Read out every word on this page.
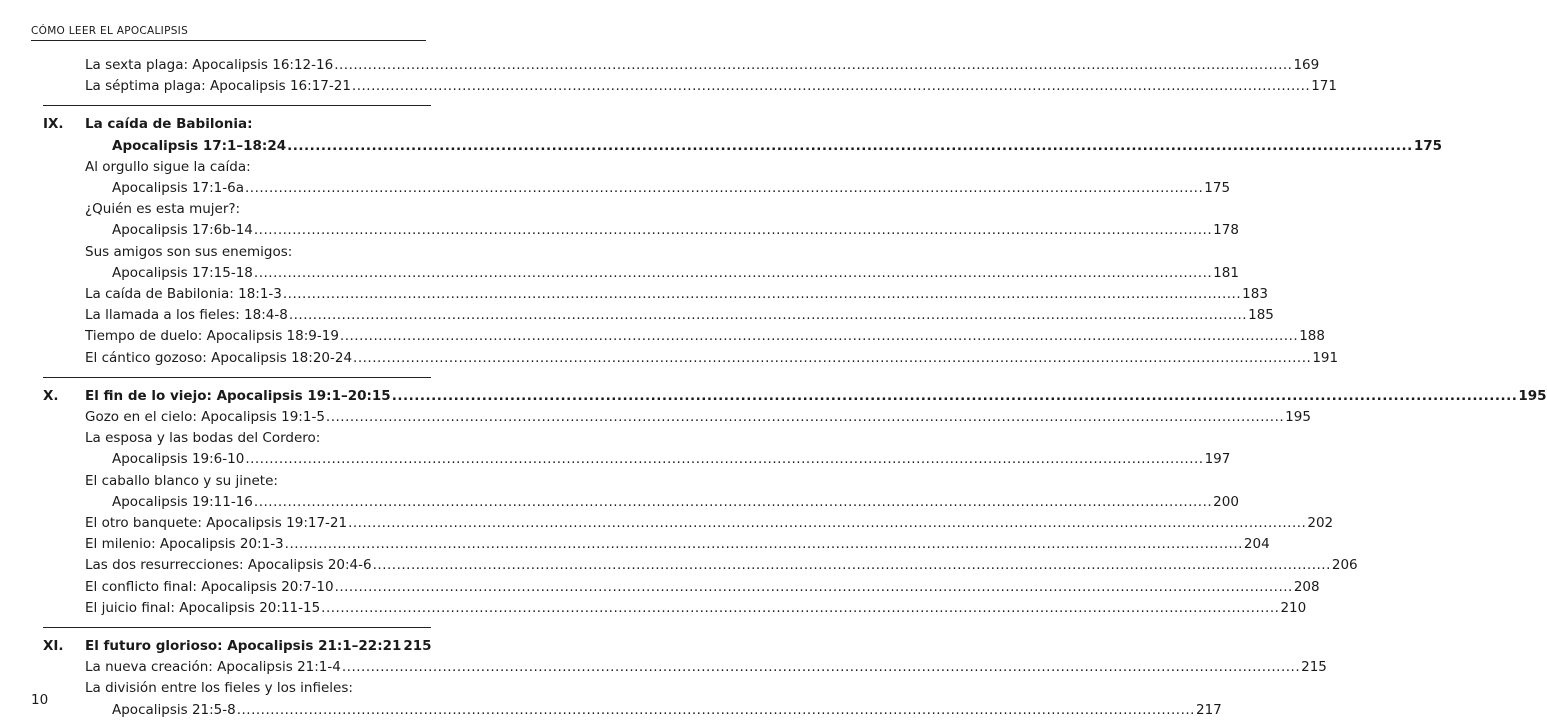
CÓMO LEER EL APOCALIPSIS
La sexta plaga: Apocalipsis 16:12-16 ........................................................................................................................................................................................................ 169
La séptima plaga: Apocalipsis 16:17-21 ........................................................................................................................................................................................................ 171
IX. La caída de Babilonia:
Apocalipsis 17:1–18:24 ........................................................................................................................................................................................................ 175
Al orgullo sigue la caída:
Apocalipsis 17:1-6a ........................................................................................................................................................................................................ 175
¿Quién es esta mujer?:
Apocalipsis 17:6b-14 ........................................................................................................................................................................................................ 178
Sus amigos son sus enemigos:
Apocalipsis 17:15-18 ........................................................................................................................................................................................................ 181
La caída de Babilonia: 18:1-3 ........................................................................................................................................................................................................ 183
La llamada a los fieles: 18:4-8 ........................................................................................................................................................................................................ 185
Tiempo de duelo: Apocalipsis 18:9-19 ........................................................................................................................................................................................................ 188
El cántico gozoso: Apocalipsis 18:20-24 ........................................................................................................................................................................................................ 191
X. El fin de lo viejo: Apocalipsis 19:1–20:15 ........................................................................................................................................................................................................ 195
Gozo en el cielo: Apocalipsis 19:1-5 ........................................................................................................................................................................................................ 195
La esposa y las bodas del Cordero:
Apocalipsis 19:6-10 ........................................................................................................................................................................................................ 197
El caballo blanco y su jinete:
Apocalipsis 19:11-16 ........................................................................................................................................................................................................ 200
El otro banquete: Apocalipsis 19:17-21 ........................................................................................................................................................................................................ 202
El milenio: Apocalipsis 20:1-3 ........................................................................................................................................................................................................ 204
Las dos resurrecciones: Apocalipsis 20:4-6 ........................................................................................................................................................................................................ 206
El conflicto final: Apocalipsis 20:7-10 ........................................................................................................................................................................................................ 208
El juicio final: Apocalipsis 20:11-15 ........................................................................................................................................................................................................ 210
XI. El futuro glorioso: Apocalipsis 21:1–22:21 215
La nueva creación: Apocalipsis 21:1-4 ........................................................................................................................................................................................................ 215
La división entre los fieles y los infieles:
Apocalipsis 21:5-8 ........................................................................................................................................................................................................ 217
10
